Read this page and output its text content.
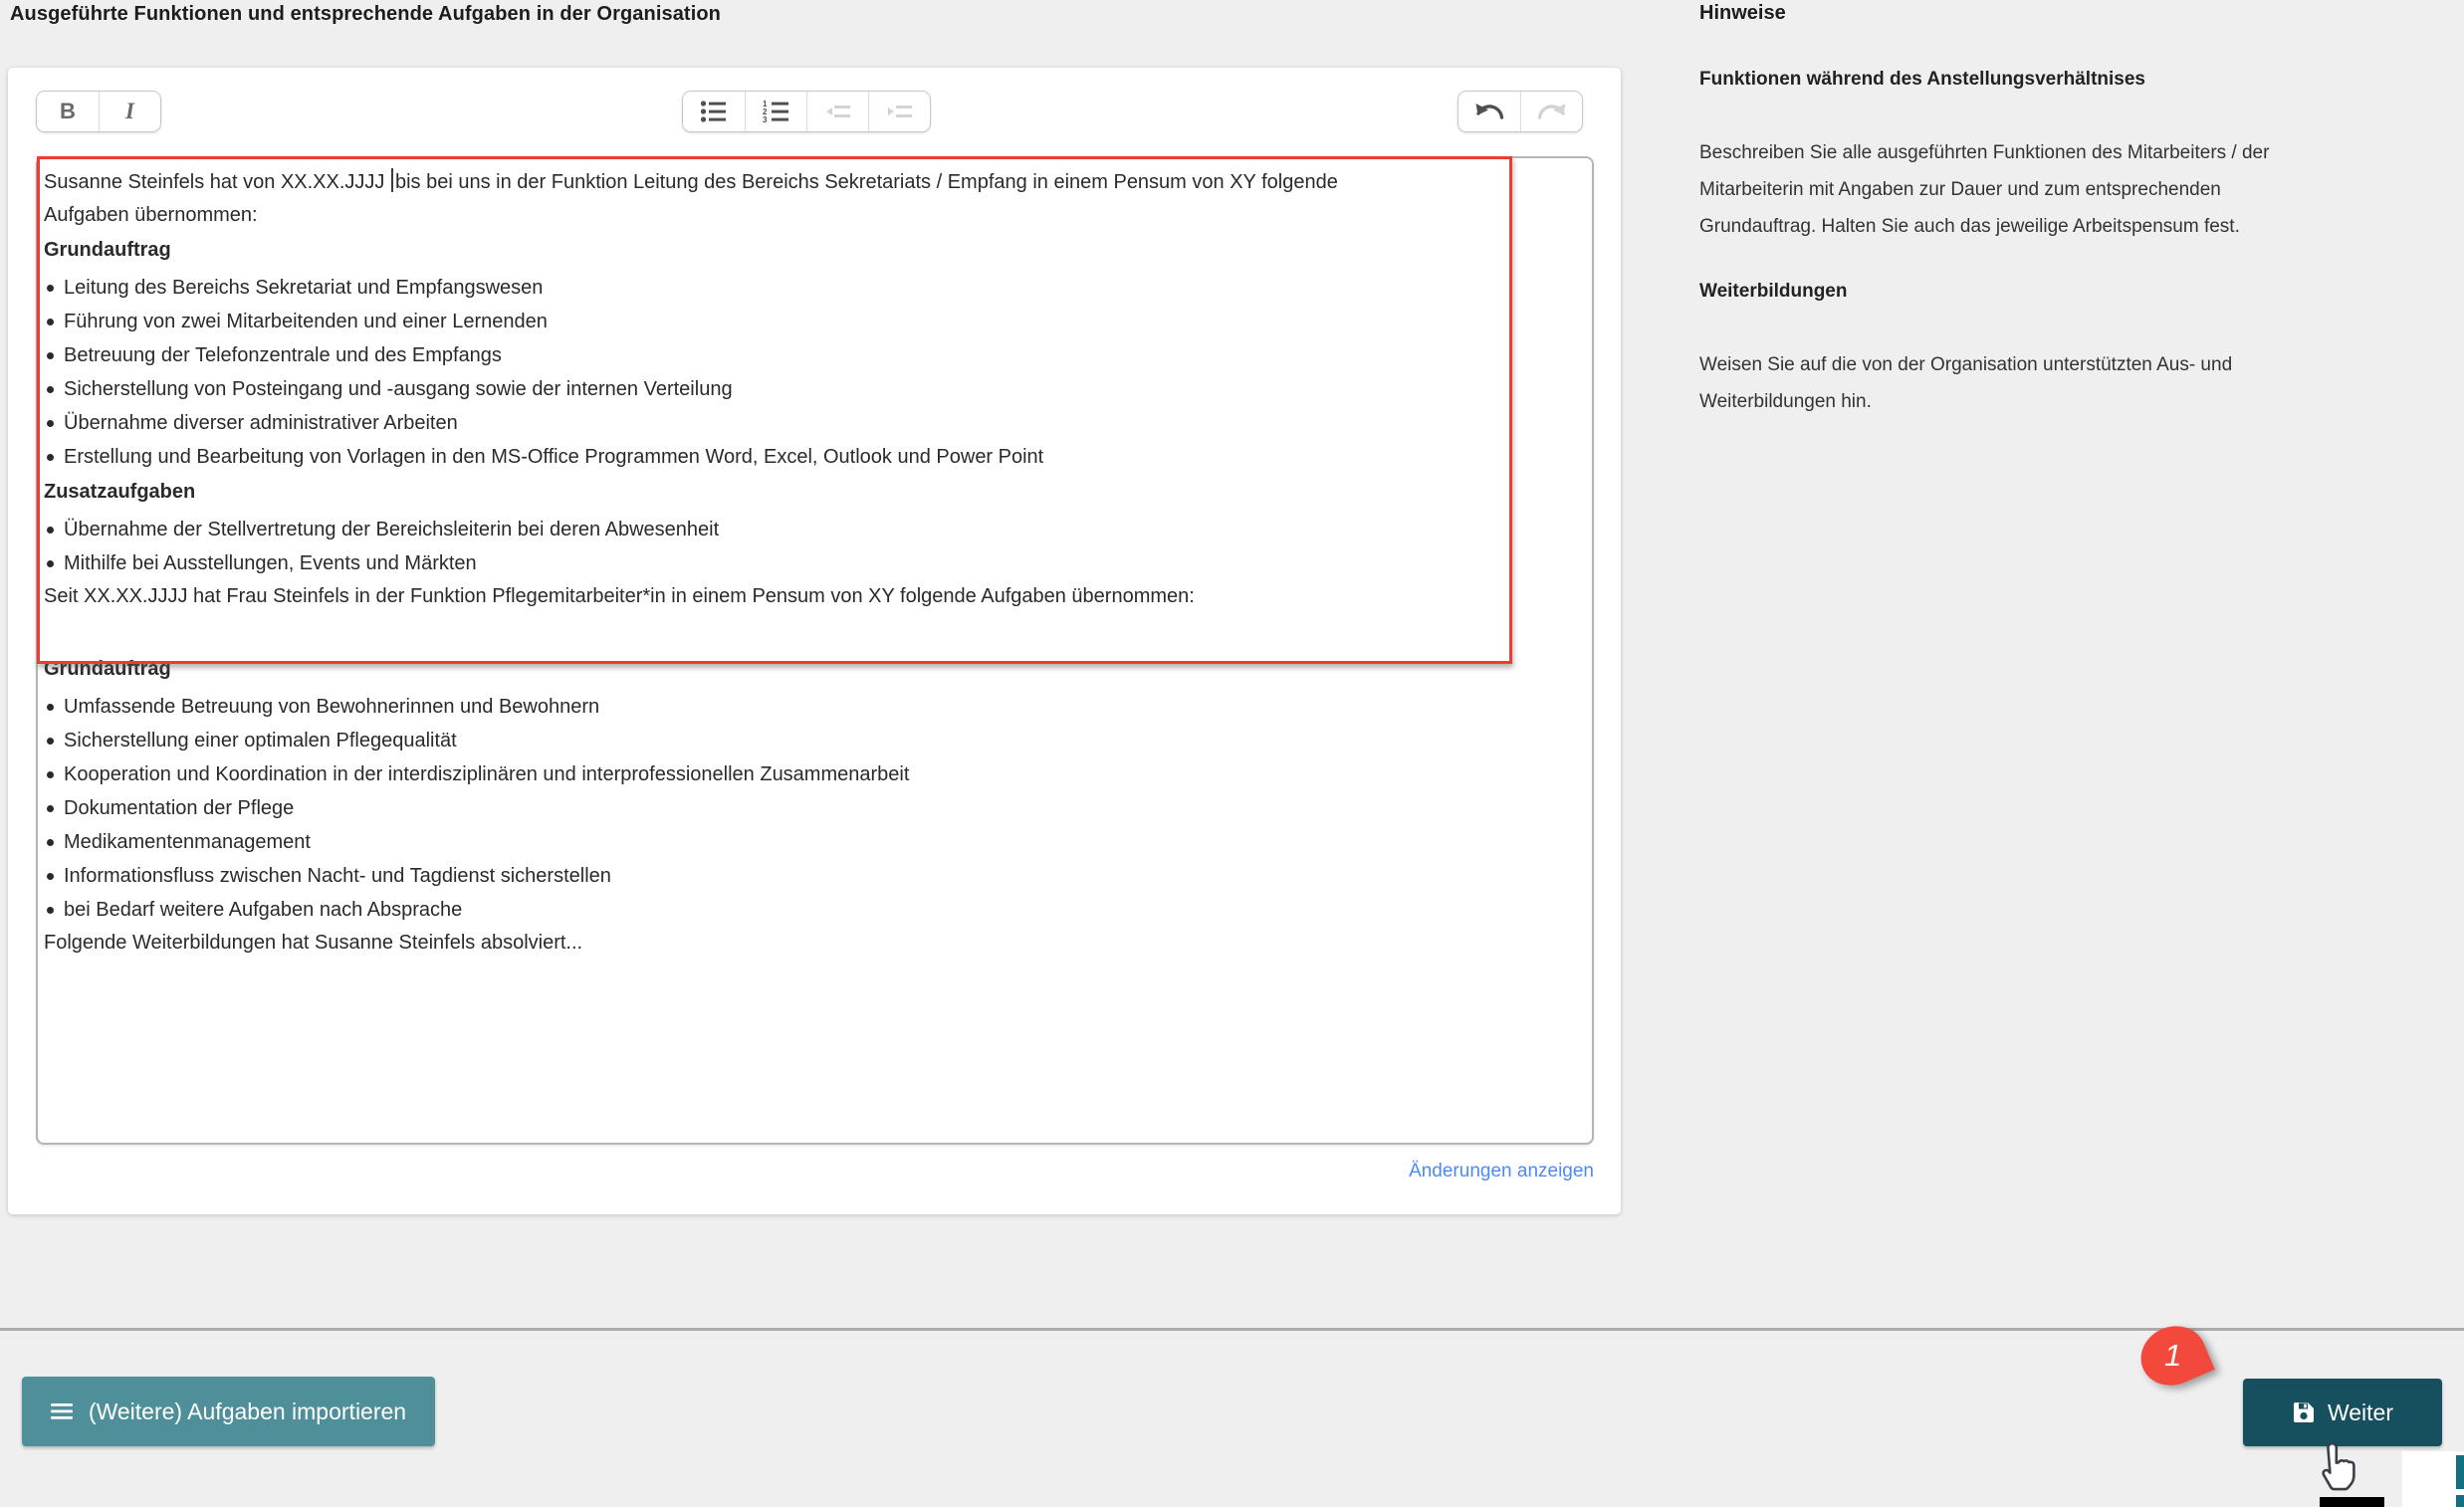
Ausgeführte Funktionen und entsprechende Aufgaben in der Organisation
B I	1
2
3

Susanne Steinfels hat von XX.XX.JJJJ bis bei uns in der Funktion Leitung des Bereichs Sekretariats / Empfang in einem Pensum von XY folgende Aufgaben übernommen:

Grundauftrag
Leitung des Bereichs Sekretariat und Empfangswesen
Führung von zwei Mitarbeitenden und einer Lernenden
Betreuung der Telefonzentrale und des Empfangs
Sicherstellung von Posteingang und -ausgang sowie der internen Verteilung
Übernahme diverser administrativer Arbeiten
Erstellung und Bearbeitung von Vorlagen in den MS-Office Programmen Word, Excel, Outlook und Power Point
Zusatzaufgaben
Übernahme der Stellvertretung der Bereichsleiterin bei deren Abwesenheit
Mithilfe bei Ausstellungen, Events und Märkten

Seit XX.XX.JJJJ hat Frau Steinfels in der Funktion Pflegemitarbeiter*in in einem Pensum von XY folgende Aufgaben übernommen:

Grundauftrag
Umfassende Betreuung von Bewohnerinnen und Bewohnern
Sicherstellung einer optimalen Pflegequalität
Kooperation und Koordination in der interdisziplinären und interprofessionellen Zusammenarbeit
Dokumentation der Pflege
Medikamentenmanagement
Informationsfluss zwischen Nacht- und Tagdienst sicherstellen
bei Bedarf weitere Aufgaben nach Absprache

Folgende Weiterbildungen hat Susanne Steinfels absolviert...

Änderungen anzeigen
Hinweise
Funktionen während des Anstellungsverhältnises
Beschreiben Sie alle ausgeführten Funktionen des Mitarbeiters / der Mitarbeiterin mit Angaben zur Dauer und zum entsprechenden Grundauftrag. Halten Sie auch das jeweilige Arbeitspensum fest.
Weiterbildungen
Weisen Sie auf die von der Organisation unterstützten Aus- und Weiterbildungen hin.
(Weitere) Aufgaben importieren
1
Weiter
